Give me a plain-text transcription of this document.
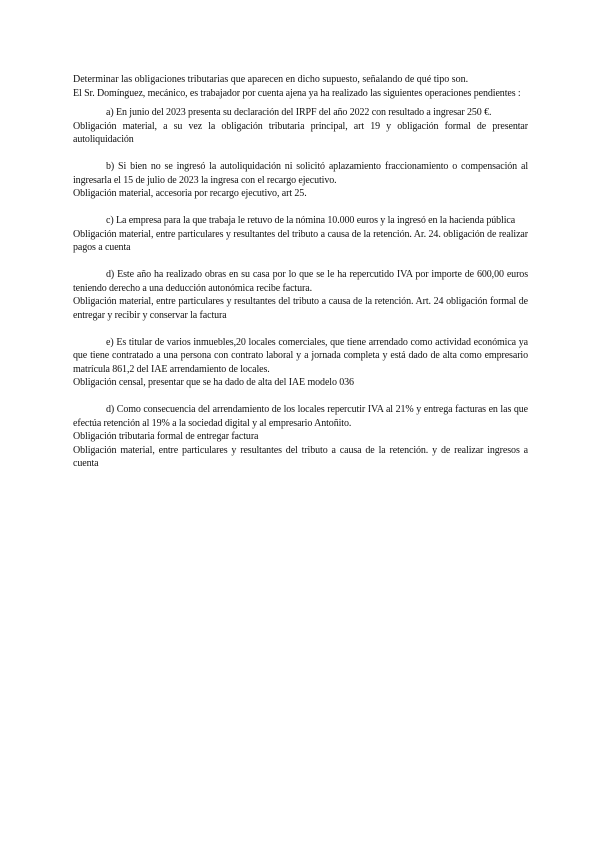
Determinar las obligaciones tributarias que aparecen en dicho supuesto, señalando de qué tipo son.

El Sr. Domínguez, mecánico, es trabajador por cuenta ajena ya ha realizado las siguientes operaciones pendientes :

a) En junio del 2023 presenta su declaración del IRPF del año 2022 con resultado a ingresar 250 €.

Obligación material, a su vez la obligación tributaria principal, art 19 y obligación formal de presentar autoliquidación

b) Si bien no se ingresó la autoliquidación ni solicitó aplazamiento fraccionamiento o compensación al ingresarla el 15 de julio de 2023 la ingresa con el recargo ejecutivo.

Obligación material, accesoria por recargo ejecutivo, art 25.

c) La empresa para la que trabaja le retuvo de la nómina 10.000 euros y la ingresó en la hacienda pública

Obligación material, entre particulares y resultantes del tributo a causa de la retención. Ar. 24. obligación de realizar pagos a cuenta

d) Este año ha realizado obras en su casa por lo que se le ha repercutido IVA por importe de 600,00 euros teniendo derecho a una deducción autonómica recibe factura.

Obligación material, entre particulares y resultantes del tributo a causa de la retención. Art. 24 obligación formal de entregar y recibir y conservar la factura

e) Es titular de varios inmuebles,20 locales comerciales, que tiene arrendado como actividad económica ya que tiene contratado a una persona con contrato laboral y a jornada completa y está dado de alta como empresario matrícula 861,2 del IAE arrendamiento de locales.

Obligación censal, presentar que se ha dado de alta del IAE modelo 036

d) Como consecuencia del arrendamiento de los locales repercutir IVA al 21% y entrega facturas en las que efectúa retención al 19% a la sociedad digital y al empresario Antoñito.

Obligación tributaria formal de entregar factura

Obligación material, entre particulares y resultantes del tributo a causa de la retención. y de realizar ingresos a cuenta
